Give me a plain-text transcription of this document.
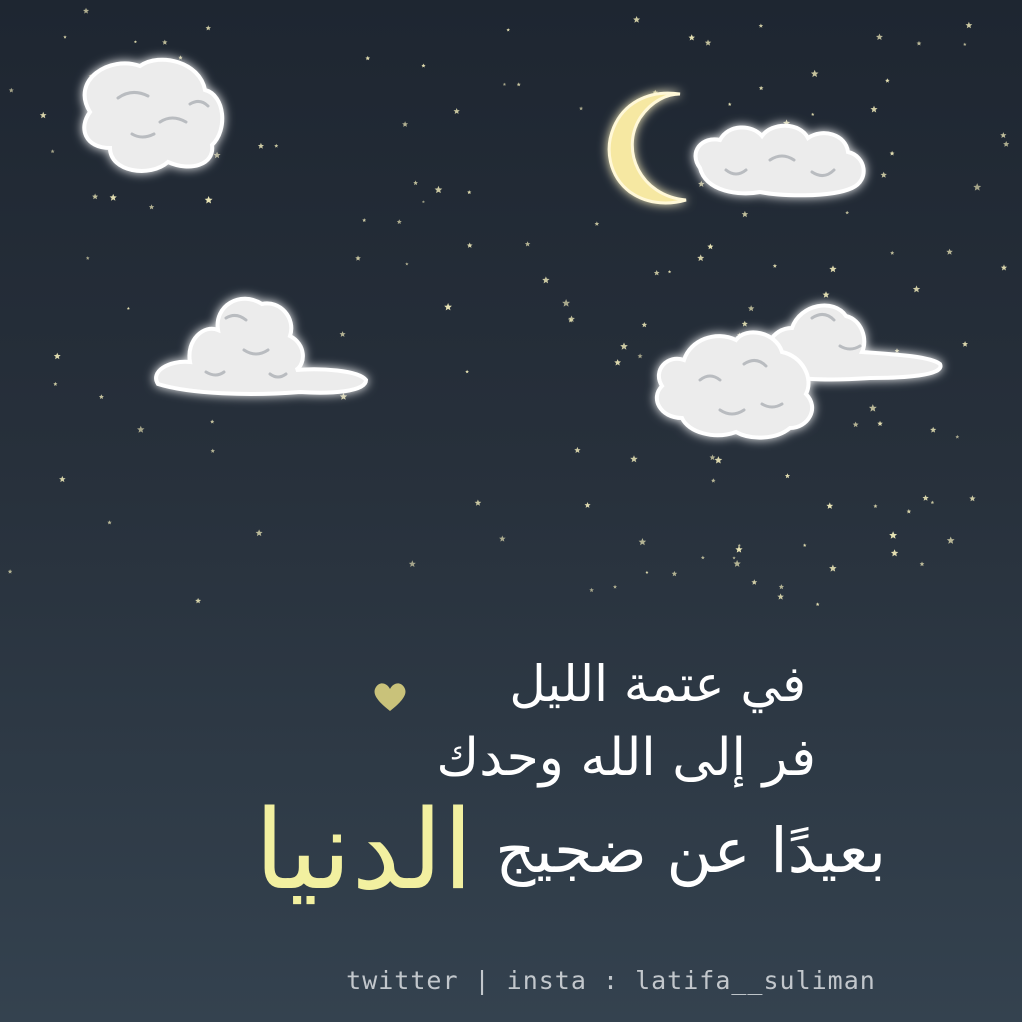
في عتمة الليل
فر إلى الله وحدك
بعيدًا عن ضجيج
الدنيا
twitter | insta : latifa__suliman
